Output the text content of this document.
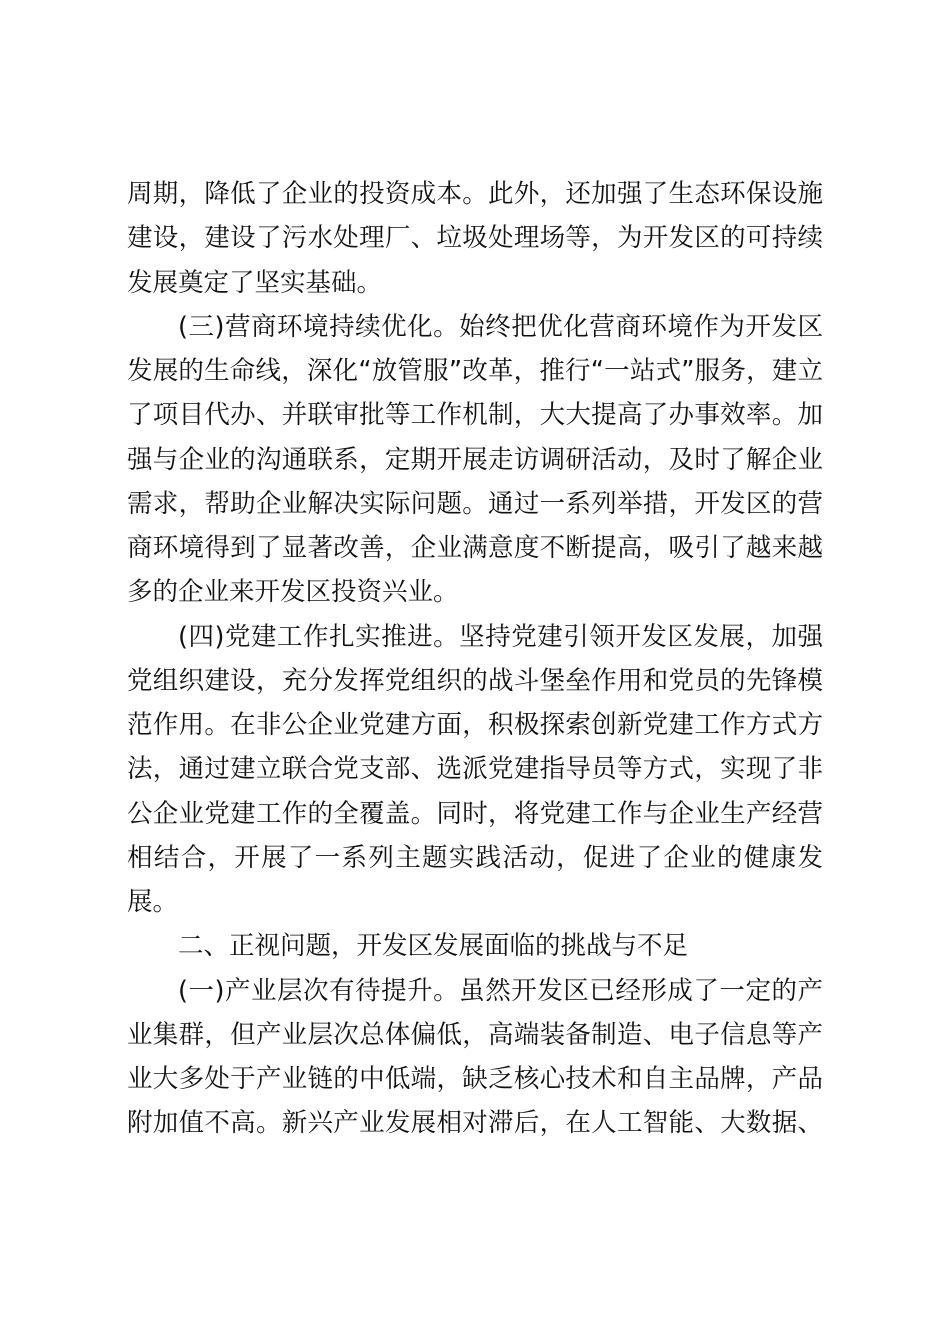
周期，降低了企业的投资成本。此外，还加强了生态环保设施
建设，建设了污水处理厂、垃圾处理场等，为开发区的可持续
发展奠定了坚实基础。
(三)营商环境持续优化。始终把优化营商环境作为开发区
发展的生命线，深化“放管服”改革，推行“一站式”服务，建立
了项目代办、并联审批等工作机制，大大提高了办事效率。加
强与企业的沟通联系，定期开展走访调研活动，及时了解企业
需求，帮助企业解决实际问题。通过一系列举措，开发区的营
商环境得到了显著改善，企业满意度不断提高，吸引了越来越
多的企业来开发区投资兴业。
(四)党建工作扎实推进。坚持党建引领开发区发展，加强
党组织建设，充分发挥党组织的战斗堡垒作用和党员的先锋模
范作用。在非公企业党建方面，积极探索创新党建工作方式方
法，通过建立联合党支部、选派党建指导员等方式，实现了非
公企业党建工作的全覆盖。同时，将党建工作与企业生产经营
相结合，开展了一系列主题实践活动，促进了企业的健康发
展。
二、正视问题，开发区发展面临的挑战与不足
(一)产业层次有待提升。虽然开发区已经形成了一定的产
业集群，但产业层次总体偏低，高端装备制造、电子信息等产
业大多处于产业链的中低端，缺乏核心技术和自主品牌，产品
附加值不高。新兴产业发展相对滞后，在人工智能、大数据、
